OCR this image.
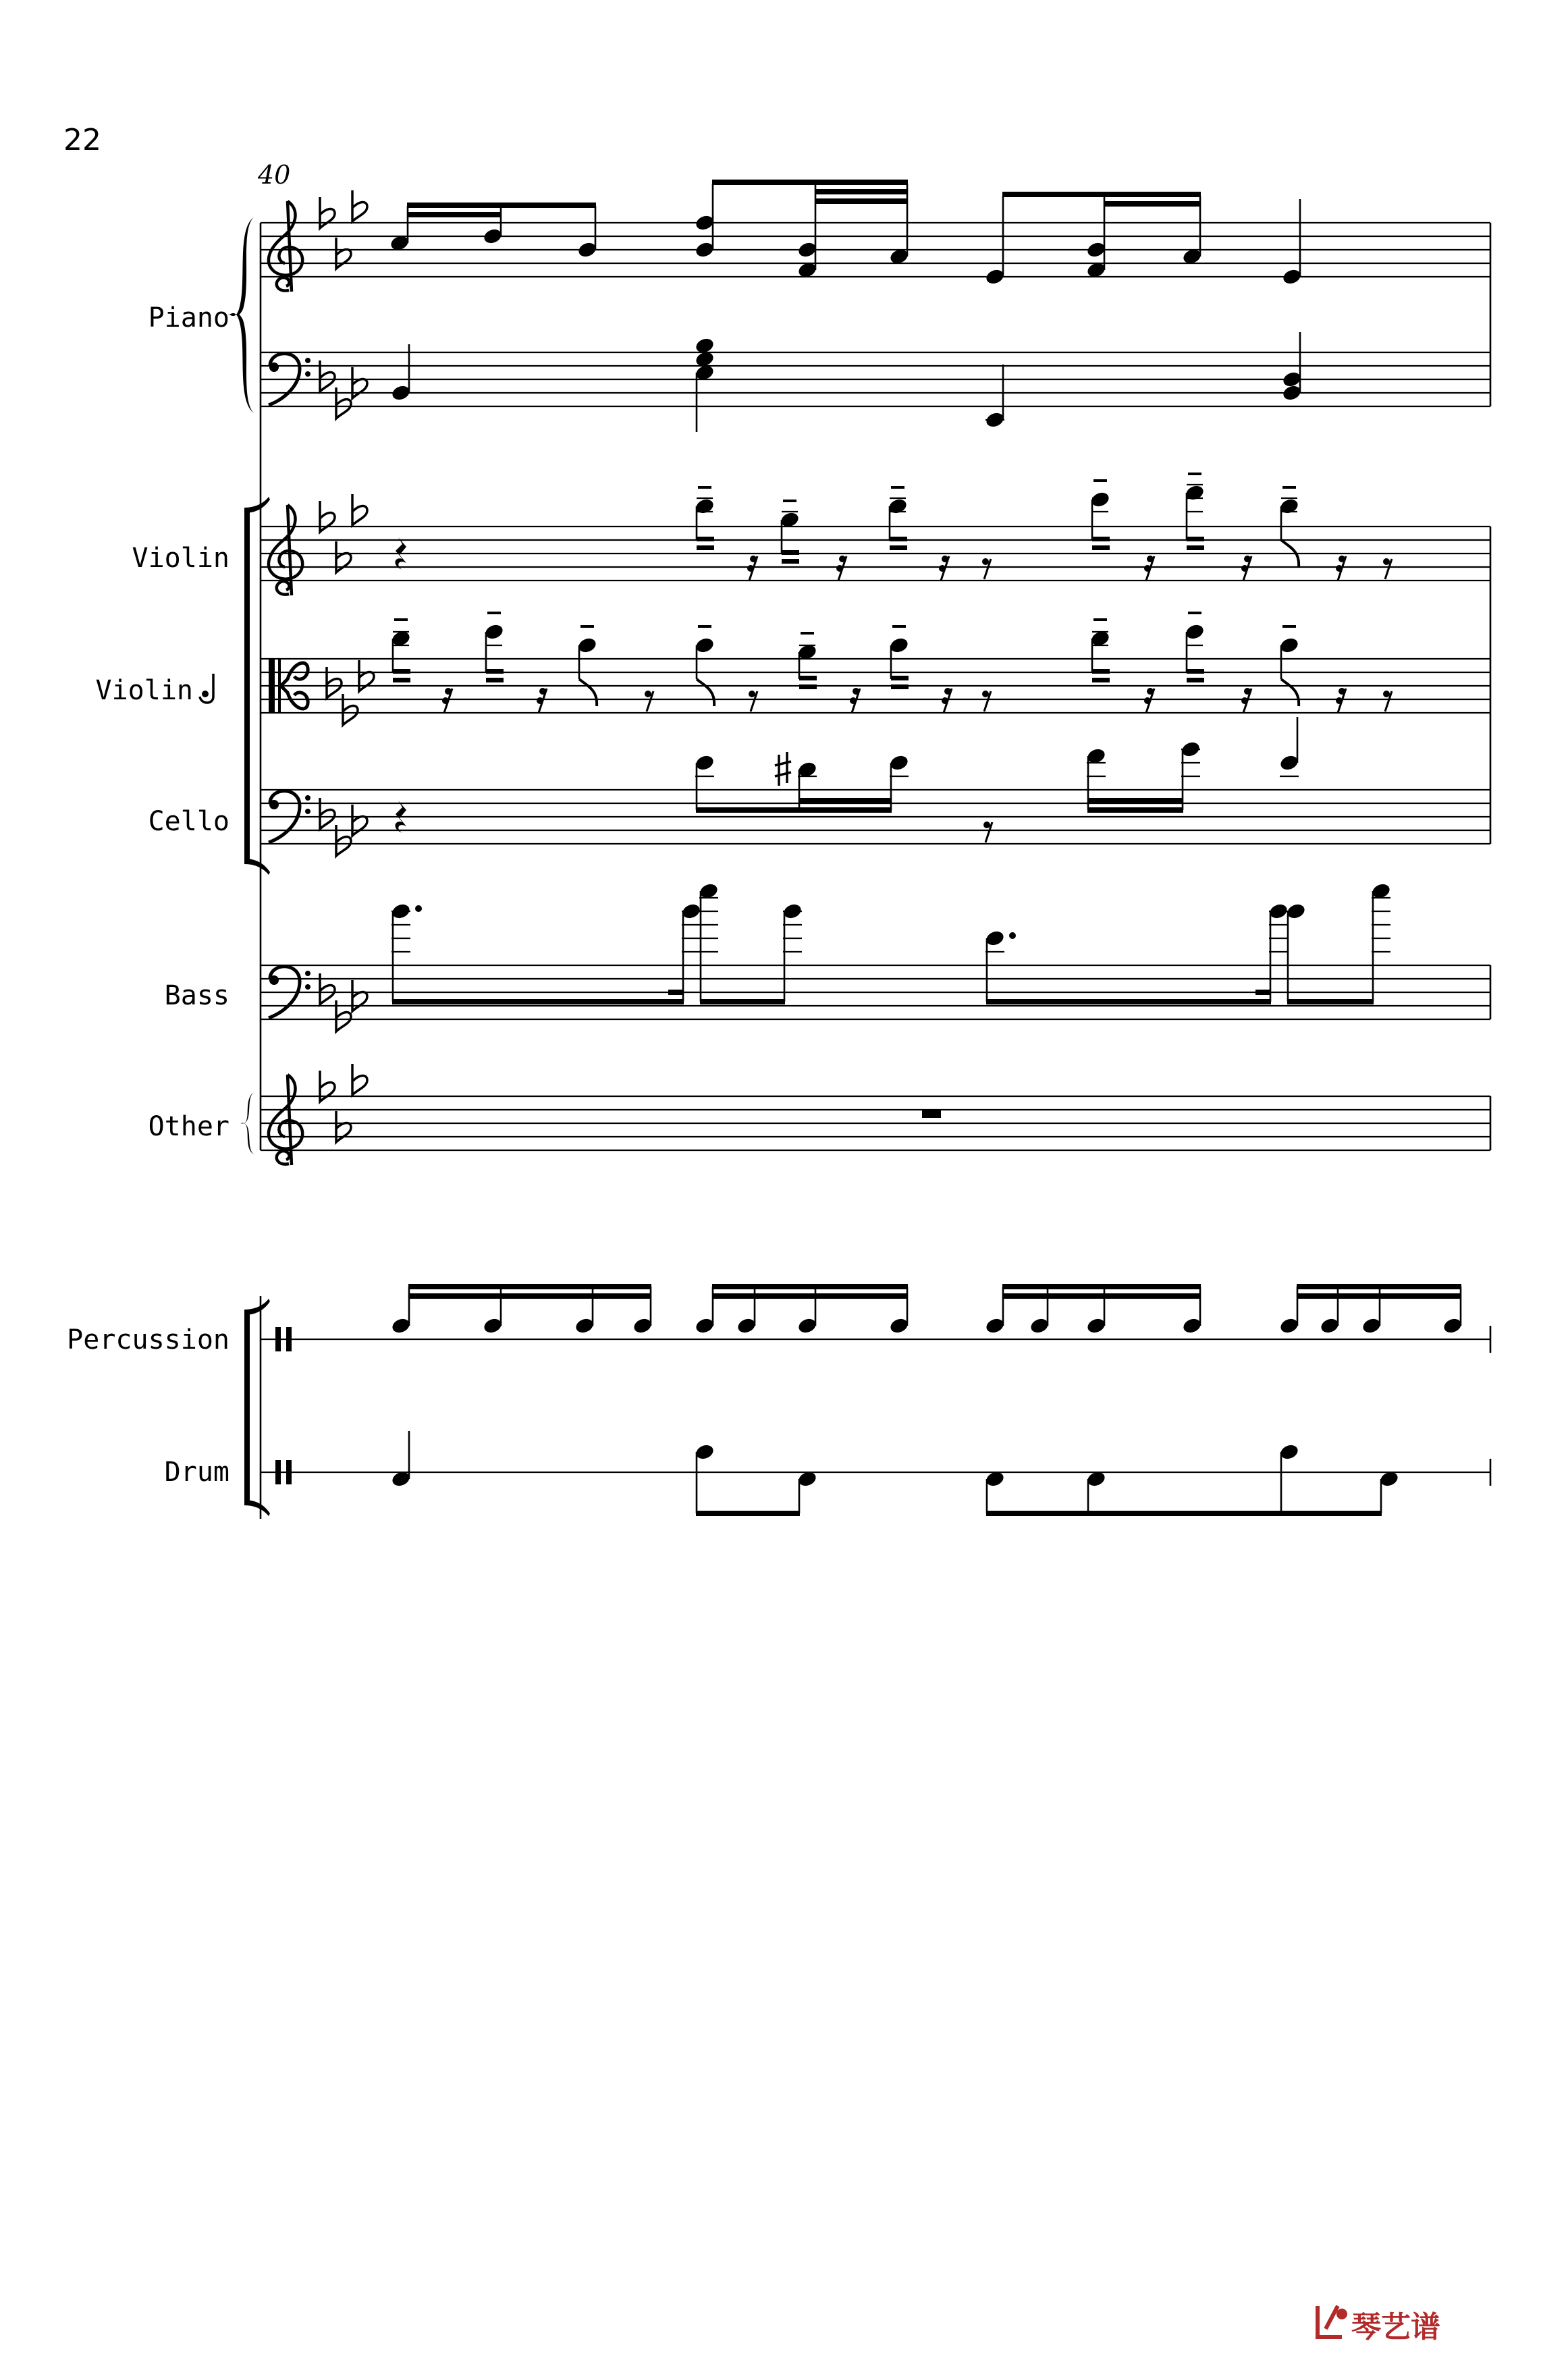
22
40
Piano
Violin
Violin
Cello
Bass
Other
Percussion
Drum
琴艺谱
